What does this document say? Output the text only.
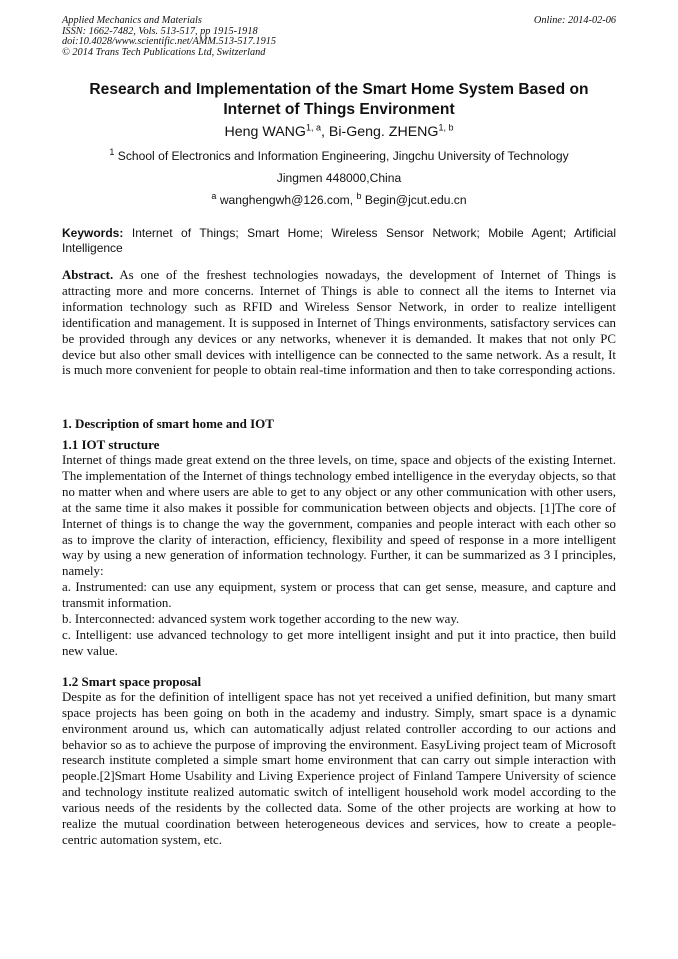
Applied Mechanics and Materials
ISSN: 1662-7482, Vols. 513-517, pp 1915-1918
doi:10.4028/www.scientific.net/AMM.513-517.1915
© 2014 Trans Tech Publications Ltd, Switzerland
Online: 2014-02-06
Research and Implementation of the Smart Home System Based on Internet of Things Environment
Heng WANG$^{1, a}$, Bi-Geng. ZHENG$^{1, b}$
$^1$ School of Electronics and Information Engineering, Jingchu University of Technology
Jingmen 448000,China
$^a$ wanghengwh@126.com, $^b$ Begin@jcut.edu.cn
Keywords: Internet of Things; Smart Home; Wireless Sensor Network; Mobile Agent; Artificial Intelligence
Abstract. As one of the freshest technologies nowadays, the development of Internet of Things is attracting more and more concerns. Internet of Things is able to connect all the items to Internet via information technology such as RFID and Wireless Sensor Network, in order to realize intelligent identification and management. It is supposed in Internet of Things environments, satisfactory services can be provided through any devices or any networks, whenever it is demanded. It makes that not only PC device but also other small devices with intelligence can be connected to the same network. As a result, It is much more convenient for people to obtain real-time information and then to take corresponding actions.
1. Description of smart home and IOT
1.1 IOT structure

Internet of things made great extend on the three levels, on time, space and objects of the existing Internet. The implementation of the Internet of things technology embed intelligence in the everyday objects, so that no matter when and where users are able to get to any object or any other communication with other users, at the same time it also makes it possible for communication between objects and objects. [1]The core of Internet of things is to change the way the government, companies and people interact with each other so as to improve the clarity of interaction, efficiency, flexibility and speed of response in a more intelligent way by using a new generation of information technology. Further, it can be summarized as 3 I principles, namely:

a. Instrumented: can use any equipment, system or process that can get sense, measure, and capture and transmit information.

b. Interconnected: advanced system work together according to the new way.

c. Intelligent: use advanced technology to get more intelligent insight and put it into practice, then build new value.

1.2 Smart space proposal

Despite as for the definition of intelligent space has not yet received a unified definition, but many smart space projects has been going on both in the academy and industry. Simply, smart space is a dynamic environment around us, which can automatically adjust related controller according to our actions and behavior so as to achieve the purpose of improving the environment. EasyLiving project team of Microsoft research institute completed a simple smart home environment that can carry out simple interaction with people.[2]Smart Home Usability and Living Experience project of Finland Tampere University of science and technology institute realized automatic switch of intelligent household work model according to the various needs of the residents by the collected data. Some of the other projects are working at how to realize the mutual coordination between heterogeneous devices and services, how to create a people-centric automation system, etc.
